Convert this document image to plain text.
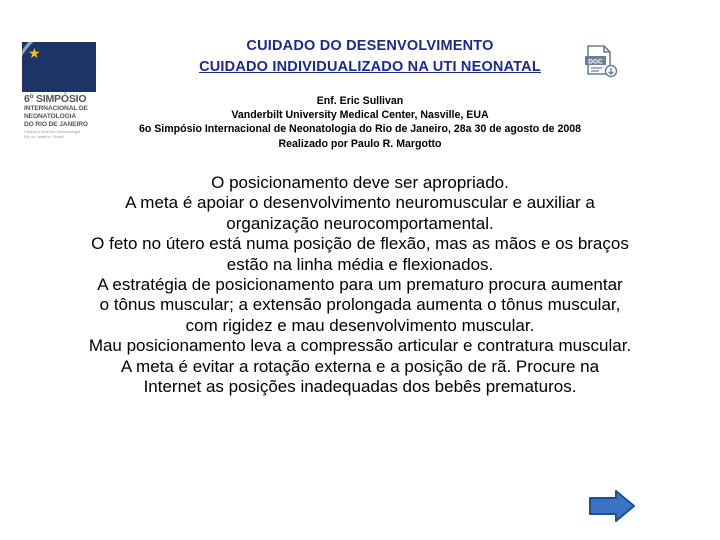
★
6º SIMPÓSIO
INTERNACIONAL DE
NEONATOLOGIA
DO RIO DE JANEIRO
Ciência e Arte em Neonatologia
Rio de Janeiro · Brasil
CUIDADO DO DESENVOLVIMENTO
CUIDADO INDIVIDUALIZADO NA UTI NEONATAL	DOC
Enf. Eric Sullivan
Vanderbilt University Medical Center, Nasville, EUA
6o Simpósio Internacional de Neonatologia do Rio de Janeiro, 28a 30 de agosto de 2008
Realizado por Paulo R. Margotto

O posicionamento deve ser apropriado.

A meta é apoiar o desenvolvimento neuromuscular e auxiliar a

organização neurocomportamental.

O feto no útero está numa posição de flexão, mas as mãos e os braços

estão na linha média e flexionados.

A estratégia de posicionamento para um prematuro procura aumentar

o tônus muscular; a extensão prolongada aumenta o tônus muscular,

com rigidez e mau desenvolvimento muscular.

Mau posicionamento leva a compressão articular e contratura muscular.

A meta é evitar a rotação externa e a posição de rã. Procure na

Internet as posições inadequadas dos bebês prematuros.
